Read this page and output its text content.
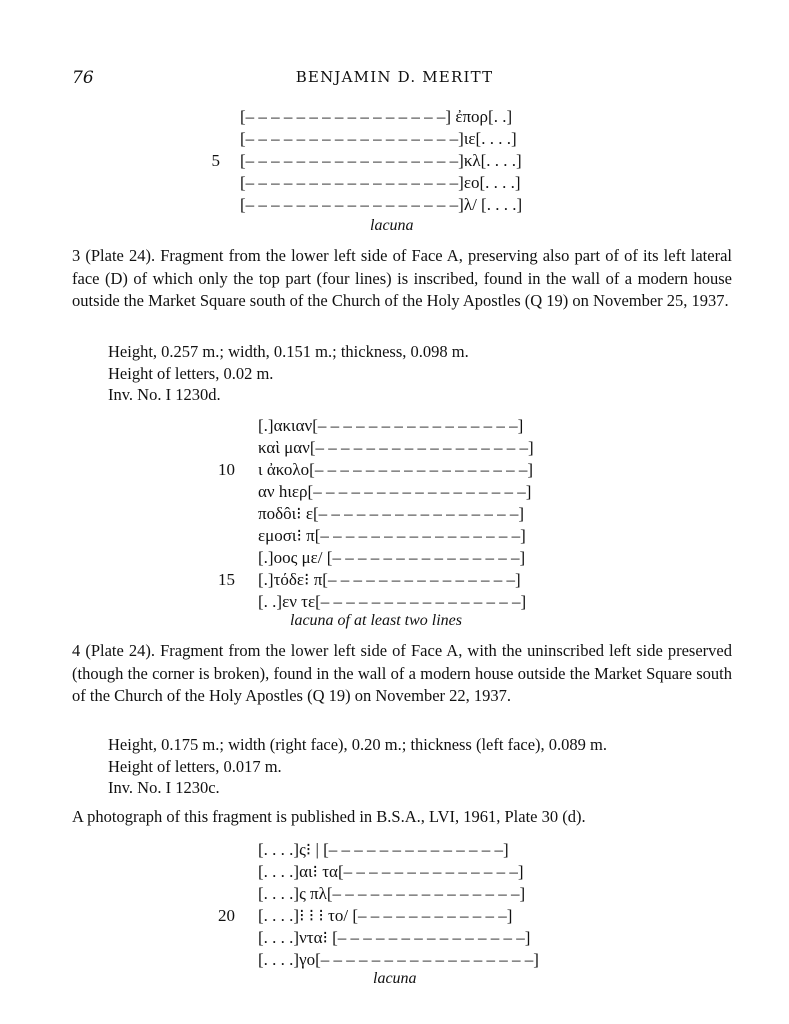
76	BENJAMIN D. MERITT
[– – – – – – – – – – – – – – – –] ἐπορ[. .]
[– – – – – – – – – – – – – – – – –]ιε[. . . .]
5 [– – – – – – – – – – – – – – – – –]κλ[. . . .]
[– – – – – – – – – – – – – – – – –]εο[. . . .]
[– – – – – – – – – – – – – – – – –]λ/ [. . . .]
lacuna
3 (Plate 24). Fragment from the lower left side of Face A, preserving also part of of its left lateral face (D) of which only the top part (four lines) is inscribed, found in the wall of a modern house outside the Market Square south of the Church of the Holy Apostles (Q 19) on November 25, 1937.
Height, 0.257 m.; width, 0.151 m.; thickness, 0.098 m.
Height of letters, 0.02 m.
Inv. No. I 1230d.
[.]ακιαν[– – – – – – – – – – – – – – – –]
καὶ μαν[– – – – – – – – – – – – – – – – –]
10 ι ἀκολο[– – – – – – – – – – – – – – – – –]
αν hιερ[– – – – – – – – – – – – – – – – –]
ποδôι⁝ ε[– – – – – – – – – – – – – – – –]
εμοσι⁝ π[– – – – – – – – – – – – – – – –]
[.]οος με/ [– – – – – – – – – – – – – – –]
15 [.]τόδε⁝ π[– – – – – – – – – – – – – – –]
[. .]εν τε[– – – – – – – – – – – – – – – –]
lacuna of at least two lines
4 (Plate 24). Fragment from the lower left side of Face A, with the uninscribed left side preserved (though the corner is broken), found in the wall of a modern house outside the Market Square south of the Church of the Holy Apostles (Q 19) on November 22, 1937.
Height, 0.175 m.; width (right face), 0.20 m.; thickness (left face), 0.089 m.
Height of letters, 0.017 m.
Inv. No. I 1230c.
A photograph of this fragment is published in B.S.A., LVI, 1961, Plate 30 (d).
[. . . .]ς⁝ | [– – – – – – – – – – – – – –]
[. . . .]αι⁝ τα[– – – – – – – – – – – – – –]
[. . . .]ς πλ[– – – – – – – – – – – – – – –]
20 [. . . .]⁝ ⁝ ⁝ το/ [– – – – – – – – – – – –]
[. . . .]ντα⁝ [– – – – – – – – – – – – – – –]
[. . . .]γο[– – – – – – – – – – – – – – – – –]
lacuna
